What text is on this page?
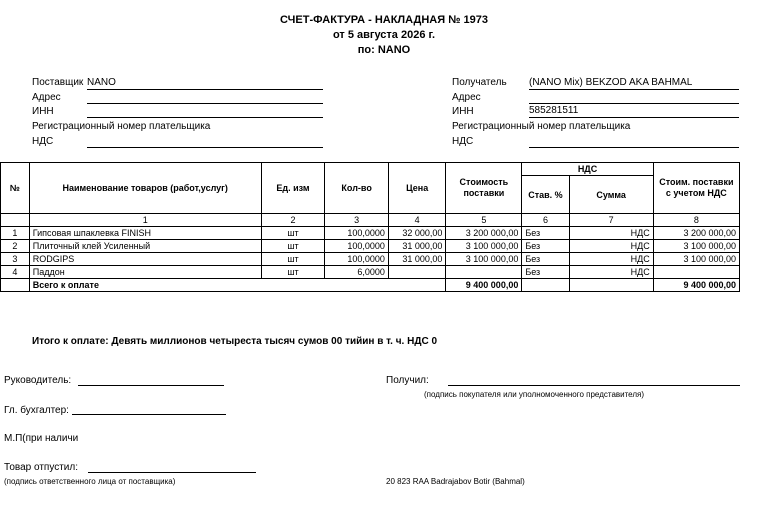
СЧЕТ-ФАКТУРА - НАКЛАДНАЯ № 1973
от 5 августа 2026 г.
по: NANO
Поставщик NANO
Адрес
ИНН
Регистрационный номер плательщика
НДС
Получатель (NANO Mix) BEKZOD AKA BAHMAL
Адрес
ИНН	585281511
Регистрационный номер плательщика
НДС
№	Наименование товаров (работ,услуг)	Ед. изм	Кол-во	Цена	Стоимость поставки	НДС		Стоим. поставки с учетом НДС
						Став. %	Сумма	
	1	2	3	4	5	6	7	8
1	Гипсовая шпаклевка FINISH	шт	100,0000	32 000,00	3 200 000,00	Без	НДС	3 200 000,00
2	Плиточный клей Усиленный	шт	100,0000	31 000,00	3 100 000,00	Без	НДС	3 100 000,00
3	RODGIPS	шт	100,0000	31 000,00	3 100 000,00	Без	НДС	3 100 000,00
4	Паддон	шт	6,0000			Без	НДС	
	Всего к оплате				9 400 000,00			9 400 000,00
Итого к оплате: Девять миллионов четыреста тысяч сумов 00 тийин в т. ч. НДС 0
Руководитель:	Получил:
(подпись покупателя или уполномоченного представителя)
Гл. бухгалтер:
М.П(при наличи
Товар отпустил:
(подпись ответственного лица от поставщика)	20 823 RAA Badrajabov Botir (Bahmal)
